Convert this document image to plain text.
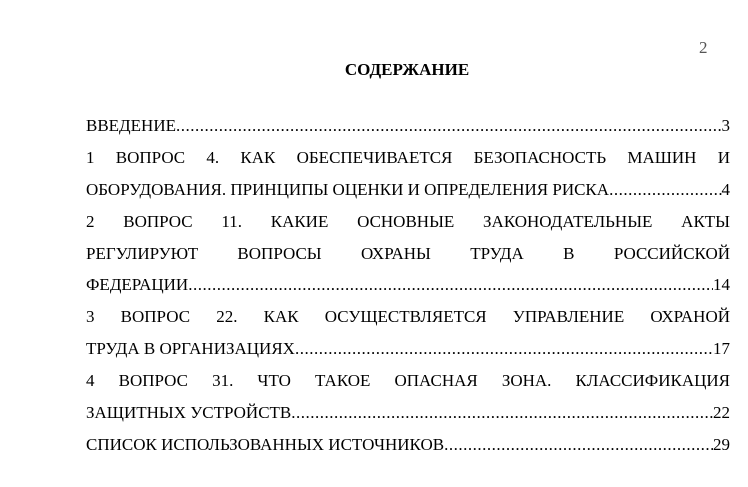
2
СОДЕРЖАНИЕ
ВВЕДЕНИЕ .....	3
1 ВОПРОС 4. КАК ОБЕСПЕЧИВАЕТСЯ БЕЗОПАСНОСТЬ МАШИН И
ОБОРУДОВАНИЯ. ПРИНЦИПЫ ОЦЕНКИ И ОПРЕДЕЛЕНИЯ РИСКА .....	4
2 ВОПРОС 11. КАКИЕ ОСНОВНЫЕ ЗАКОНОДАТЕЛЬНЫЕ АКТЫ
РЕГУЛИРУЮТ ВОПРОСЫ ОХРАНЫ ТРУДА В РОССИЙСКОЙ
ФЕДЕРАЦИИ .....	14
3 ВОПРОС 22. КАК ОСУЩЕСТВЛЯЕТСЯ УПРАВЛЕНИЕ ОХРАНОЙ
ТРУДА В ОРГАНИЗАЦИЯХ .....	17
4 ВОПРОС 31. ЧТО ТАКОЕ ОПАСНАЯ ЗОНА. КЛАССИФИКАЦИЯ
ЗАЩИТНЫХ УСТРОЙСТВ .....	22
СПИСОК ИСПОЛЬЗОВАННЫХ ИСТОЧНИКОВ .....	29
